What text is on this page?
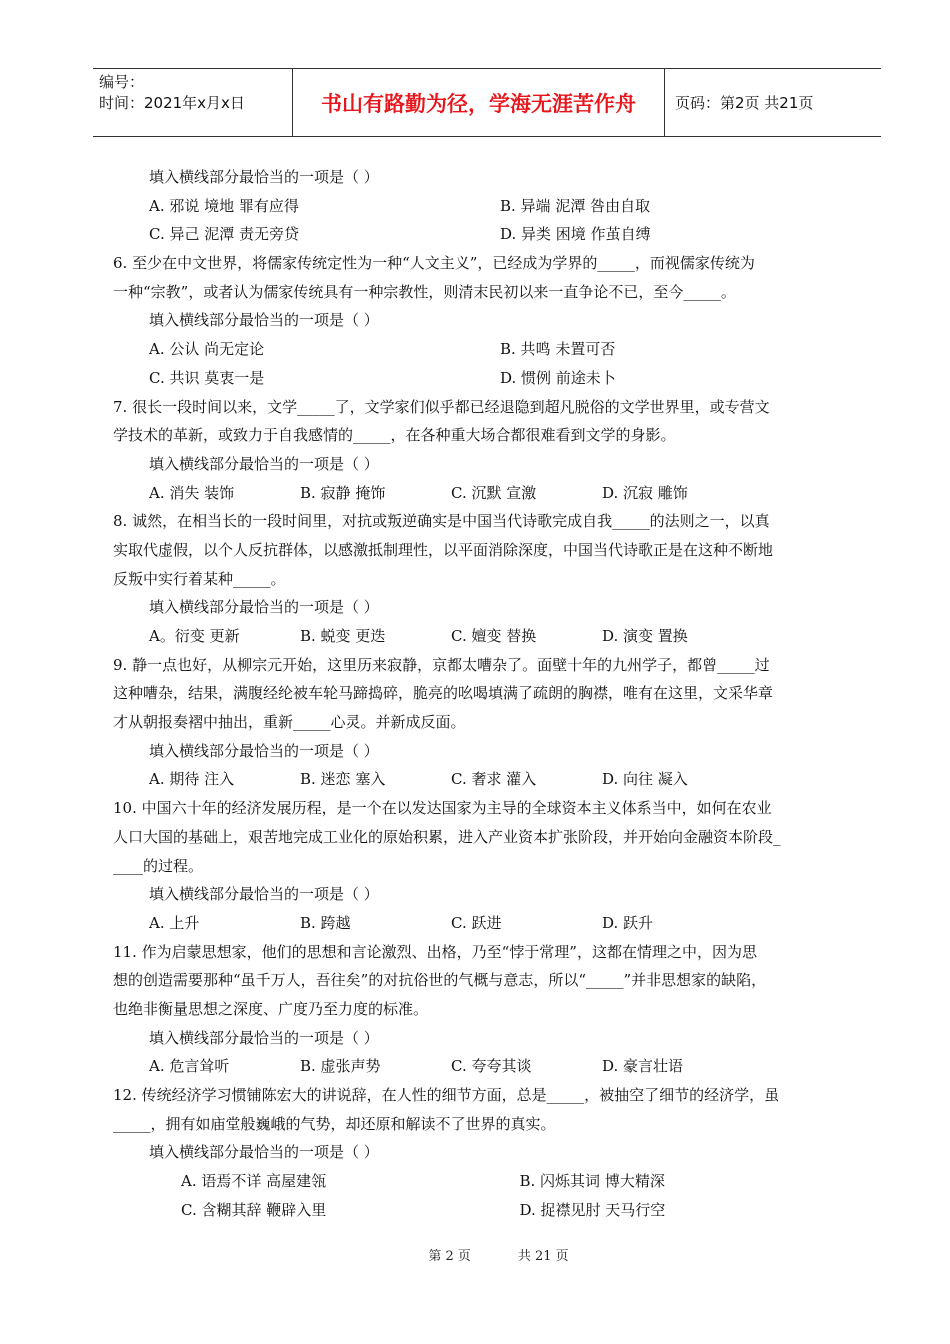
编号：
时间：2021年x月x日	书山有路勤为径，学海无涯苦作舟	页码：第2页 共21页
填入横线部分最恰当的一项是（ ）
A. 邪说 境地 罪有应得	B. 异端 泥潭 咎由自取
C. 异己 泥潭 责无旁贷	D. 异类 困境 作茧自缚
6. 至少在中文世界，将儒家传统定性为一种“人文主义”，已经成为学界的_____，而视儒家传统为
一种“宗教”，或者认为儒家传统具有一种宗教性，则清末民初以来一直争论不已，至今_____。
填入横线部分最恰当的一项是（ ）
A. 公认 尚无定论	B. 共鸣 未置可否
C. 共识 莫衷一是	D. 惯例 前途未卜
7. 很长一段时间以来，文学_____了，文学家们似乎都已经退隐到超凡脱俗的文学世界里，或专营文
学技术的革新，或致力于自我感情的_____，在各种重大场合都很难看到文学的身影。
填入横线部分最恰当的一项是（ ）
A. 消失 装饰	B. 寂静 掩饰	C. 沉默 宣激	D. 沉寂 雕饰
8. 诚然，在相当长的一段时间里，对抗或叛逆确实是中国当代诗歌完成自我_____的法则之一，以真
实取代虚假，以个人反抗群体，以感激抵制理性，以平面消除深度，中国当代诗歌正是在这种不断地
反叛中实行着某种_____。
填入横线部分最恰当的一项是（ ）
A。衍变 更新	B. 蜕变 更迭	C. 嬗变 替换	D. 演变 置换
9. 静一点也好，从柳宗元开始，这里历来寂静，京都太嘈杂了。面壁十年的九州学子，都曾_____过
这种嘈杂，结果，满腹经纶被车轮马蹄捣碎，脆亮的吆喝填满了疏朗的胸襟，唯有在这里，文采华章
才从朝报奏褶中抽出，重新_____心灵。并新成反面。
填入横线部分最恰当的一项是（ ）
A. 期待 注入	B. 迷恋 塞入	C. 奢求 灌入	D. 向往 凝入
10. 中国六十年的经济发展历程，是一个在以发达国家为主导的全球资本主义体系当中，如何在农业
人口大国的基础上，艰苦地完成工业化的原始积累，进入产业资本扩张阶段，并开始向金融资本阶段_
____的过程。
填入横线部分最恰当的一项是（ ）
A. 上升	B. 跨越	C. 跃进	D. 跃升
11. 作为启蒙思想家，他们的思想和言论激烈、出格，乃至“悖于常理”，这都在情理之中，因为思
想的创造需要那种“虽千万人，吾往矣”的对抗俗世的气概与意志，所以“_____”并非思想家的缺陷，
也绝非衡量思想之深度、广度乃至力度的标准。
填入横线部分最恰当的一项是（ ）
A. 危言耸听	B. 虚张声势	C. 夸夸其谈	D. 豪言壮语
12. 传统经济学习惯铺陈宏大的讲说辞，在人性的细节方面，总是_____，被抽空了细节的经济学，虽
_____，拥有如庙堂般巍峨的气势，却还原和解读不了世界的真实。
填入横线部分最恰当的一项是（ ）
A. 语焉不详 高屋建瓴	B. 闪烁其词 博大精深
C. 含糊其辞 鞭辟入里	D. 捉襟见肘 天马行空
第 2 页	共 21 页
